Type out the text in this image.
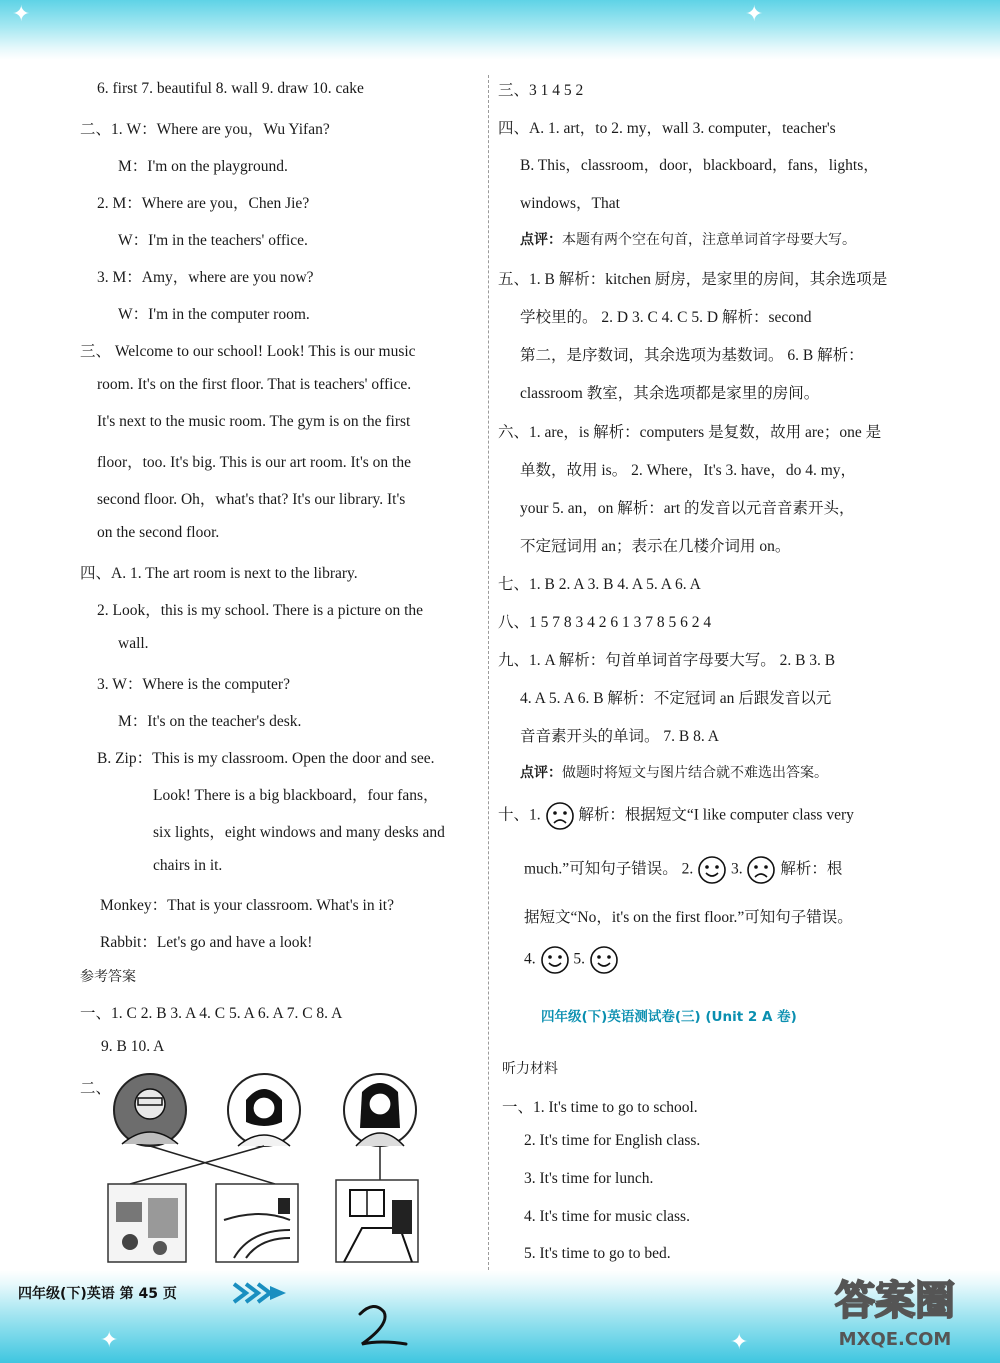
✦	✦
✦	✦
6. first 7. beautiful 8. wall 9. draw 10. cake
二、1. W：Where are you，Wu Yifan?
M：I'm on the playground.
2. M：Where are you，Chen Jie?
W：I'm in the teachers' office.
3. M：Amy，where are you now?
W：I'm in the computer room.
三、 Welcome to our school! Look! This is our music
room. It's on the first floor. That is teachers' office.
It's next to the music room. The gym is on the first
floor，too. It's big. This is our art room. It's on the
second floor. Oh，what's that? It's our library. It's
on the second floor.
四、A. 1. The art room is next to the library.
2. Look，this is my school. There is a picture on the
wall.
3. W：Where is the computer?
M：It's on the teacher's desk.
B. Zip：This is my classroom. Open the door and see.
Look! There is a big blackboard，four fans，
six lights，eight windows and many desks and
chairs in it.
Monkey：That is your classroom. What's in it?
Rabbit：Let's go and have a look!
参考答案
一、1. C 2. B 3. A 4. C 5. A 6. A 7. C 8. A
9. B 10. A
二、
三、3 1 4 5 2
四、A. 1. art，to 2. my，wall 3. computer，teacher's
B. This，classroom，door，blackboard，fans，lights，
windows，That
点评：本题有两个空在句首，注意单词首字母要大写。
五、1. B 解析：kitchen 厨房，是家里的房间，其余选项是
学校里的。 2. D 3. C 4. C 5. D 解析：second
第二，是序数词，其余选项为基数词。 6. B 解析：
classroom 教室，其余选项都是家里的房间。
六、1. are，is 解析：computers 是复数，故用 are；one 是
单数，故用 is。 2. Where，It's 3. have，do 4. my，
your 5. an，on 解析：art 的发音以元音音素开头，
不定冠词用 an；表示在几楼介词用 on。
七、1. B 2. A 3. B 4. A 5. A 6. A
八、1 5 7 8 3 4 2 6 1 3 7 8 5 6 2 4
九、1. A 解析：句首单词首字母要大写。 2. B 3. B
4. A 5. A 6. B 解析：不定冠词 an 后跟发音以元
音音素开头的单词。 7. B 8. A
点评：做题时将短文与图片结合就不难选出答案。
十、1. 解析：根据短文“I like computer class very
much.”可知句子错误。 2. 3. 解析：根
据短文“No，it's on the first floor.”可知句子错误。
4. 5.
听力材料
一、1. It's time to go to school.
2. It's time for English class.
3. It's time for lunch.
4. It's time for music class.
5. It's time to go to bed.
四年级(下)英语测试卷(三) (Unit 2 A 卷)
四年级(下)英语 第 45 页	答案圈
MXQE.COM
